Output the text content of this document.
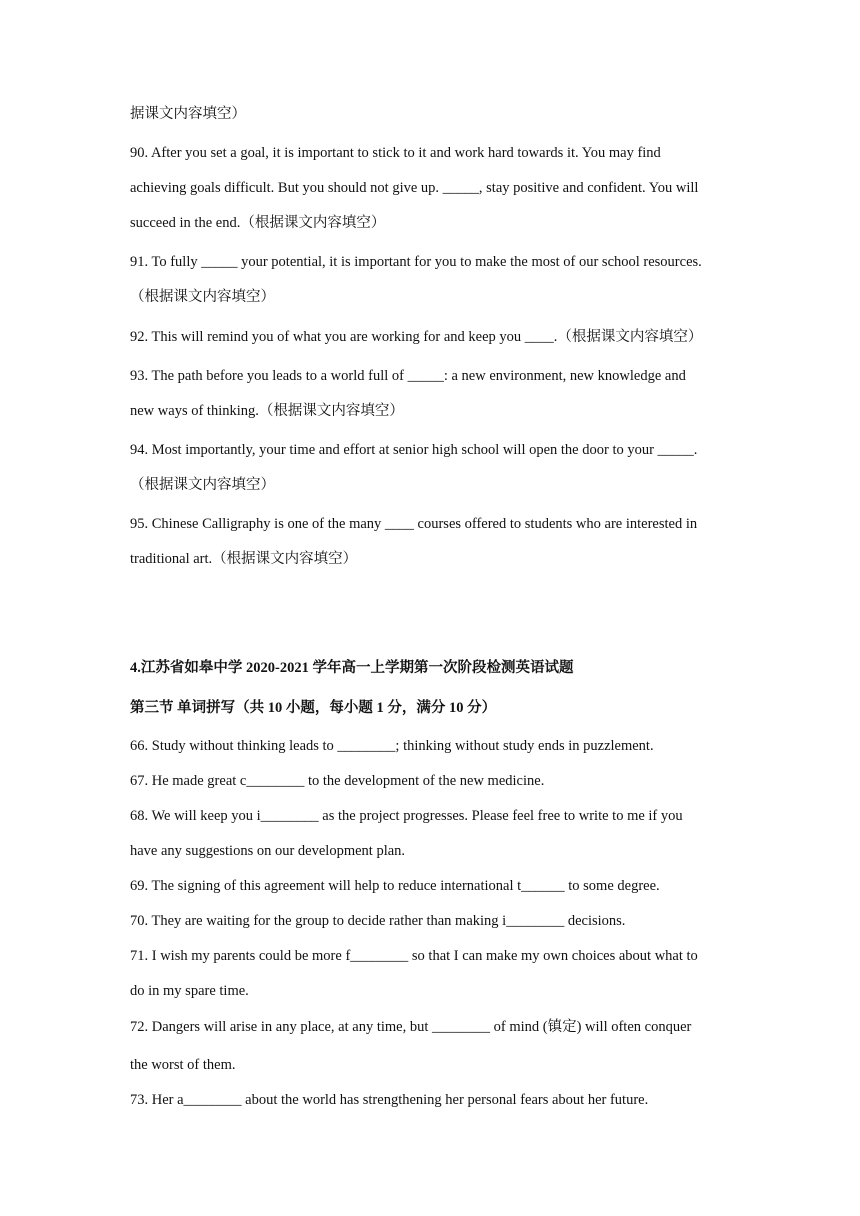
据课文内容填空）
90. After you set a goal, it is important to stick to it and work hard towards it. You may find
achieving goals difficult. But you should not give up. _____, stay positive and confident. You will
succeed in the end.（根据课文内容填空）
91. To fully _____ your potential, it is important for you to make the most of our school resources.
（根据课文内容填空）
92. This will remind you of what you are working for and keep you ____.（根据课文内容填空）
93. The path before you leads to a world full of _____: a new environment, new knowledge and
new ways of thinking.（根据课文内容填空）
94. Most importantly, your time and effort at senior high school will open the door to your _____.
（根据课文内容填空）
95. Chinese Calligraphy is one of the many ____ courses offered to students who are interested in
traditional art.（根据课文内容填空）
4.江苏省如皋中学 2020-2021 学年高一上学期第一次阶段检测英语试题
第三节 单词拼写（共 10 小题，每小题 1 分，满分 10 分）
66. Study without thinking leads to ________; thinking without study ends in puzzlement.
67. He made great c________ to the development of the new medicine.
68. We will keep you i________ as the project progresses. Please feel free to write to me if you
have any suggestions on our development plan.
69. The signing of this agreement will help to reduce international t______ to some degree.
70. They are waiting for the group to decide rather than making i________ decisions.
71. I wish my parents could be more f________ so that I can make my own choices about what to
do in my spare time.
72. Dangers will arise in any place, at any time, but ________ of mind (镇定) will often conquer
the worst of them.
73. Her a________ about the world has strengthening her personal fears about her future.
